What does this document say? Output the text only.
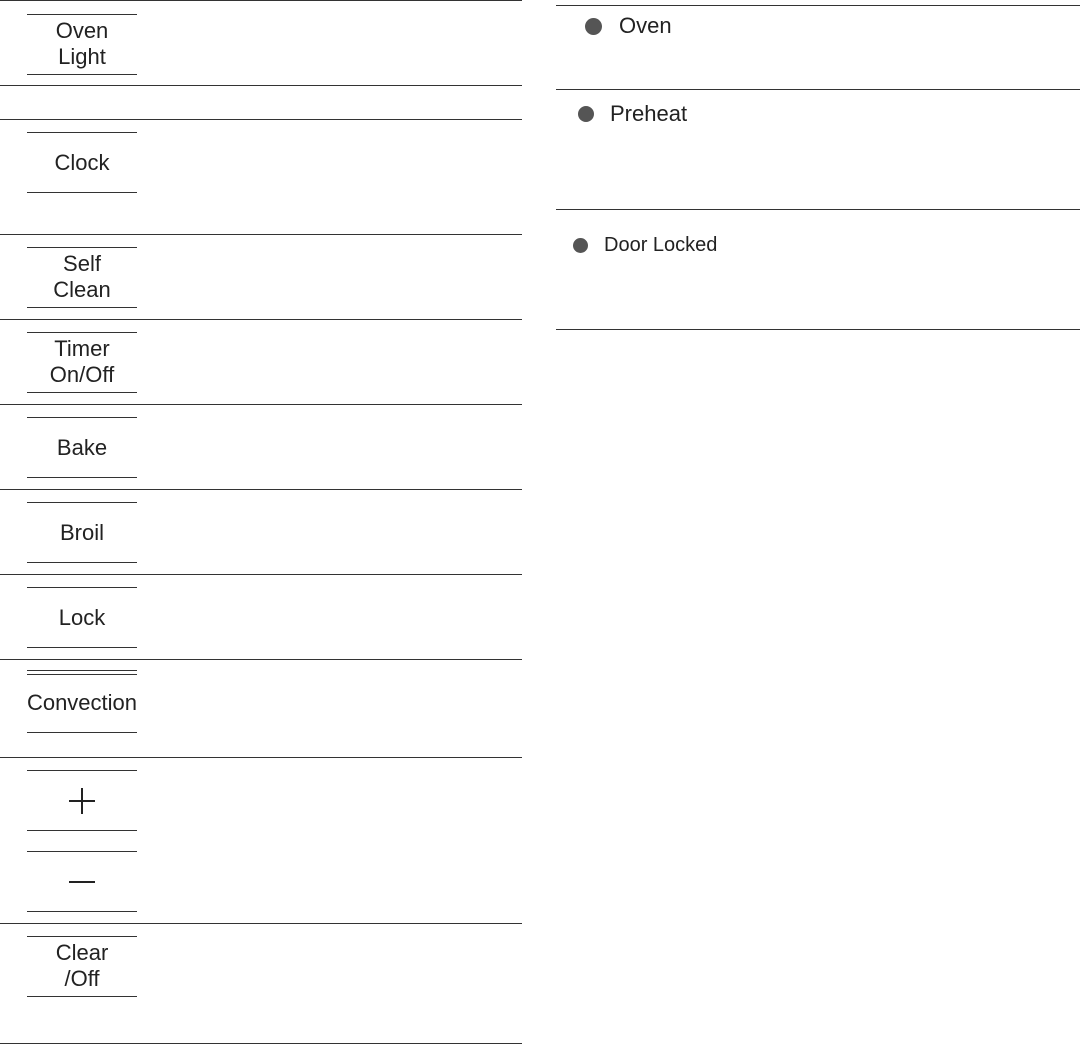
Oven
Light
Clock
Self
Clean
Timer
On/Off
Bake
Broil
Lock
Convection
Clear
/Off
Oven
Preheat
Door Locked
